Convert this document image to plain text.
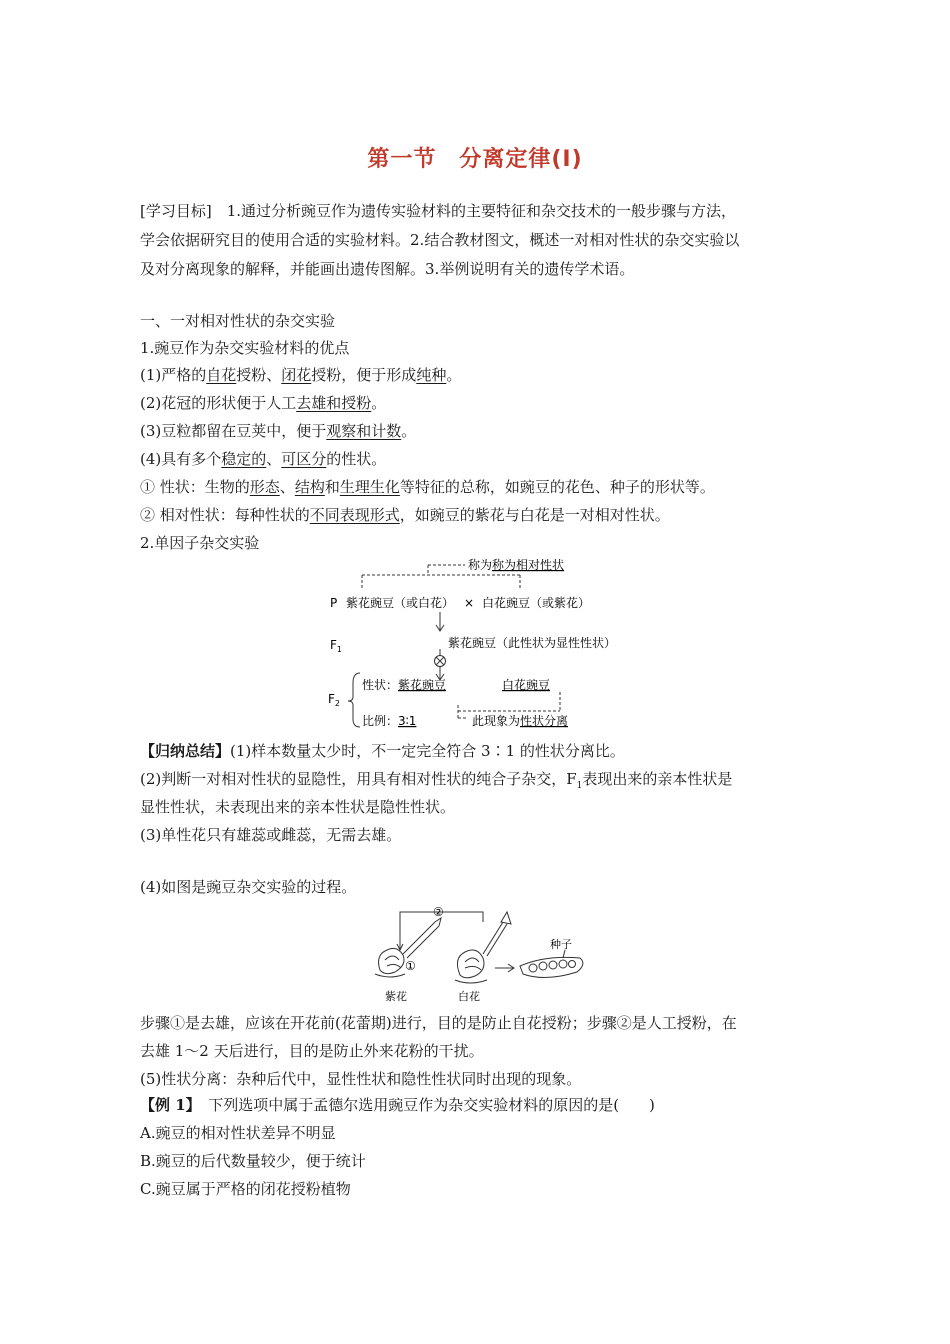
第一节　分离定律(Ⅰ)
[学习目标]　 1.通过分析豌豆作为遗传实验材料的主要特征和杂交技术的一般步骤与方法，
学会依据研究目的使用合适的实验材料。2.结合教材图文，概述一对相对性状的杂交实验以
及对分离现象的解释，并能画出遗传图解。3.举例说明有关的遗传学术语。
一、一对相对性状的杂交实验
1.豌豆作为杂交实验材料的优点
(1)严格的自花授粉、闭花授粉，便于形成纯种。
(2)花冠的形状便于人工去雄和授粉。
(3)豆粒都留在豆荚中，便于观察和计数。
(4)具有多个稳定的、可区分的性状。
① 性状：生物的形态、结构和生理生化等特征的总称，如豌豆的花色、种子的形状等。
② 相对性状：每种性状的不同表现形式，如豌豆的紫花与白花是一对相对性状。
2.单因子杂交实验
称为称为相对性状
P 紫花豌豆（或白花） × 白花豌豆（或紫花）
$F_1$	紫花豌豆（此性状为显性性状）
$F_2$
性状：紫花豌豆	白花豌豆
比例：3∶1	此现象为性状分离
【归纳总结】(1)样本数量太少时，不一定完全符合 3∶1 的性状分离比。
(2)判断一对相对性状的显隐性，用具有相对性状的纯合子杂交，$F_1$表现出来的亲本性状是
显性性状，未表现出来的亲本性状是隐性性状。
(3)单性花只有雄蕊或雌蕊，无需去雄。
(4)如图是豌豆杂交实验的过程。
②
①
种子
紫花	白花
步骤①是去雄，应该在开花前(花蕾期)进行，目的是防止自花授粉；步骤②是人工授粉，在
去雄 1～2 天后进行，目的是防止外来花粉的干扰。
(5)性状分离：杂种后代中，显性性状和隐性性状同时出现的现象。
【例 1】　 下列选项中属于孟德尔选用豌豆作为杂交实验材料的原因的是(　　)
A.豌豆的相对性状差异不明显
B.豌豆的后代数量较少，便于统计
C.豌豆属于严格的闭花授粉植物
